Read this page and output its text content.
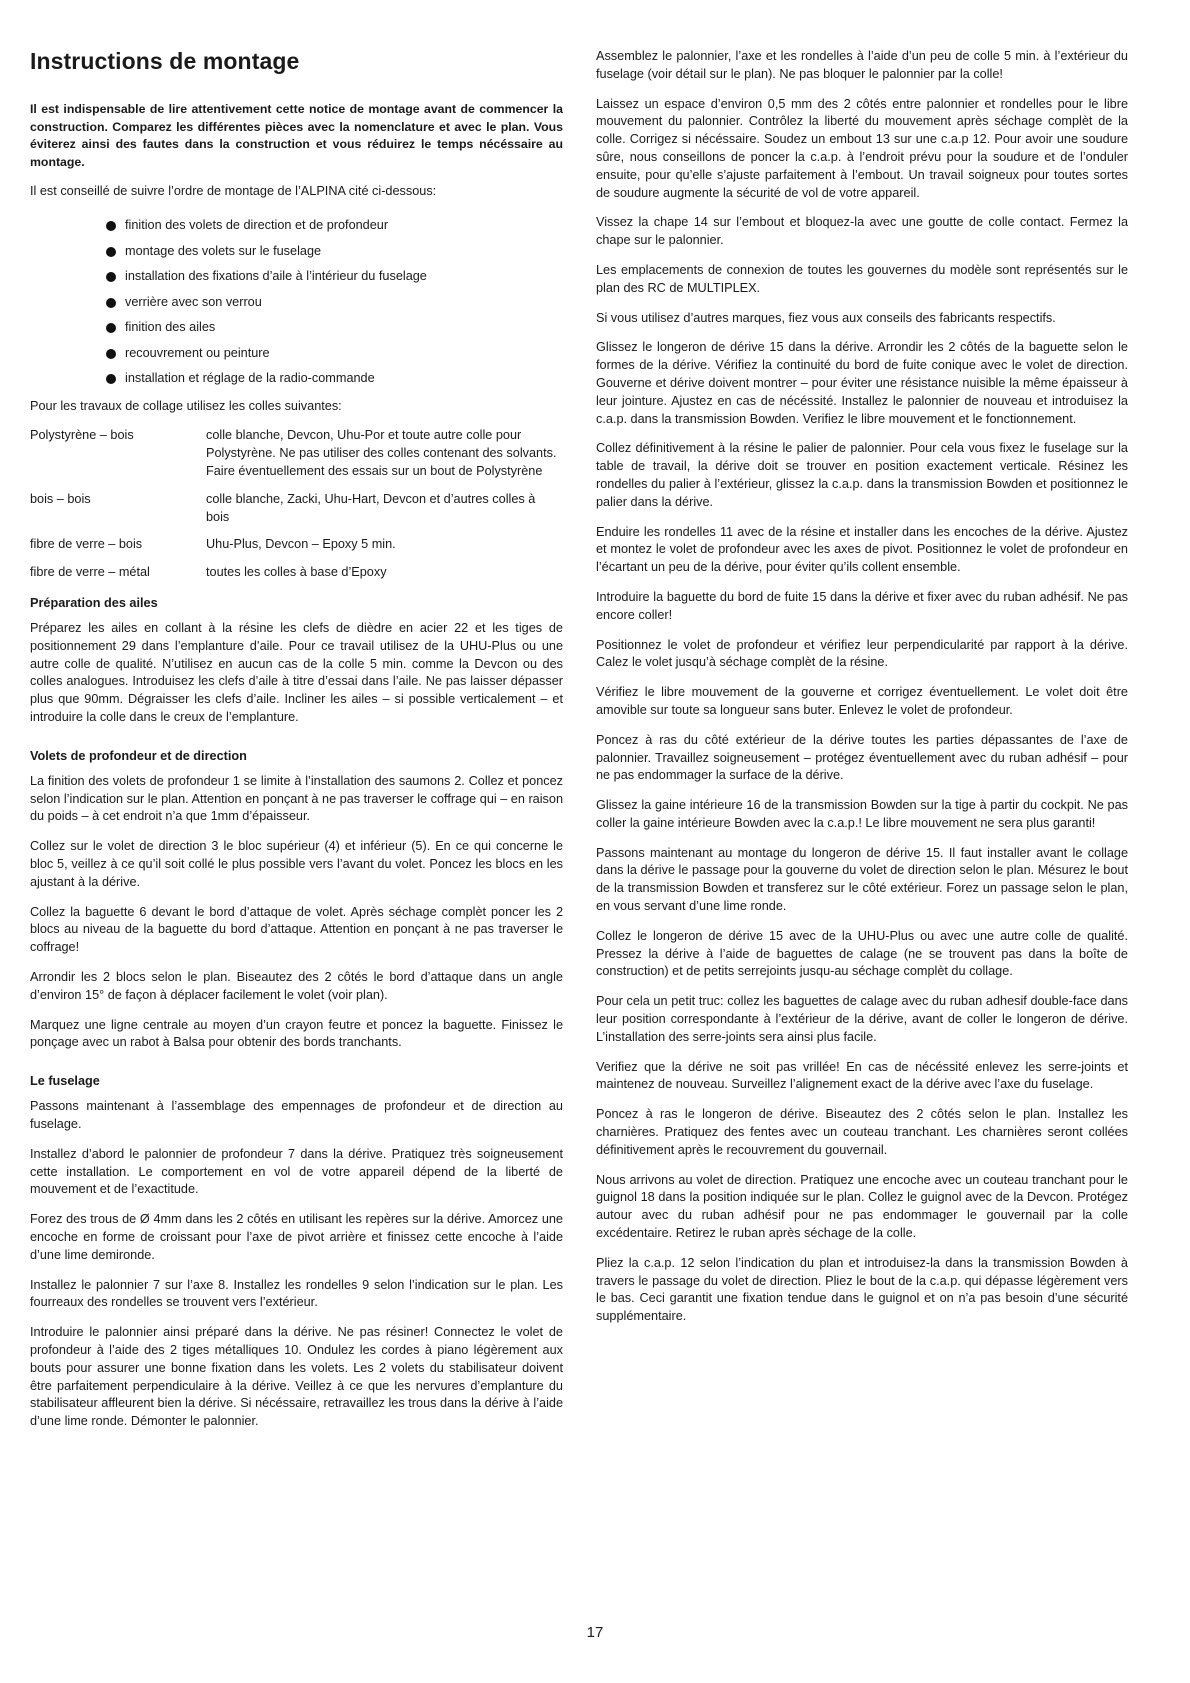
Instructions de montage

Il est indispensable de lire attentivement cette notice de montage avant de commencer la construction. Comparez les différentes pièces avec la nomenclature et avec le plan. Vous éviterez ainsi des fautes dans la construction et vous réduirez le temps nécéssaire au montage.

Il est conseillé de suivre l’ordre de montage de l’ALPINA cité ci-dessous:

finition des volets de direction et de profondeur
montage des volets sur le fuselage
installation des fixations d’aile à l’intérieur du fuselage
verrière avec son verrou
finition des ailes
recouvrement ou peinture
installation et réglage de la radio-commande

Pour les travaux de collage utilisez les colles suivantes:

Polystyrène – bois	colle blanche, Devcon, Uhu-Por et toute autre colle pour Polystyrène. Ne pas utiliser des colles contenant des solvants. Faire éventuellement des essais sur un bout de Polystyrène
bois – bois	colle blanche, Zacki, Uhu-Hart, Devcon et d’autres colles à bois
fibre de verre – bois	Uhu-Plus, Devcon – Epoxy 5 min.
fibre de verre – métal	toutes les colles à base d’Epoxy
Préparation des ailes

Préparez les ailes en collant à la résine les clefs de dièdre en acier 22 et les tiges de positionnement 29 dans l’emplanture d’aile. Pour ce travail utilisez de la UHU-Plus ou une autre colle de qualité. N’utilisez en aucun cas de la colle 5 min. comme la Devcon ou des colles analogues. Introduisez les clefs d’aile à titre d’essai dans l’aile. Ne pas laisser dépasser plus que 90mm. Dégraisser les clefs d’aile. Incliner les ailes – si possible verticalement – et introduire la colle dans le creux de l’emplanture.

Volets de profondeur et de direction

La finition des volets de profondeur 1 se limite à l’installation des saumons 2. Collez et poncez selon l’indication sur le plan. Attention en ponçant à ne pas traverser le coffrage qui – en raison du poids – à cet endroit n’a que 1mm d’épaisseur.

Collez sur le volet de direction 3 le bloc supérieur (4) et inférieur (5). En ce qui concerne le bloc 5, veillez à ce qu’il soit collé le plus possible vers l’avant du volet. Poncez les blocs en les ajustant à la dérive.

Collez la baguette 6 devant le bord d’attaque de volet. Après séchage complèt poncer les 2 blocs au niveau de la baguette du bord d’attaque. Attention en ponçant à ne pas traverser le coffrage!

Arrondir les 2 blocs selon le plan. Biseautez des 2 côtés le bord d’attaque dans un angle d’environ 15° de façon à déplacer facilement le volet (voir plan).

Marquez une ligne centrale au moyen d’un crayon feutre et poncez la baguette. Finissez le ponçage avec un rabot à Balsa pour obtenir des bords tranchants.

Le fuselage

Passons maintenant à l’assemblage des empennages de profondeur et de direction au fuselage.

Installez d’abord le palonnier de profondeur 7 dans la dérive. Pratiquez très soigneusement cette installation. Le comportement en vol de votre appareil dépend de la liberté de mouvement et de l’exactitude.

Forez des trous de Ø 4mm dans les 2 côtés en utilisant les repères sur la dérive. Amorcez une encoche en forme de croissant pour l’axe de pivot arrière et finissez cette encoche à l’aide d’une lime demironde.

Installez le palonnier 7 sur l’axe 8. Installez les rondelles 9 selon l’indication sur le plan. Les fourreaux des rondelles se trouvent vers l’extérieur.

Introduire le palonnier ainsi préparé dans la dérive. Ne pas résiner! Connectez le volet de profondeur à l’aide des 2 tiges métalliques 10. Ondulez les cordes à piano légèrement aux bouts pour assurer une bonne fixation dans les volets. Les 2 volets du stabilisateur doivent être parfaitement perpendiculaire à la dérive. Veillez à ce que les nervures d’emplanture du stabilisateur affleurent bien la dérive. Si nécéssaire, retravaillez les trous dans la dérive à l’aide d’une lime ronde. Démonter le palonnier.

Assemblez le palonnier, l’axe et les rondelles à l’aide d’un peu de colle 5 min. à l’extérieur du fuselage (voir détail sur le plan). Ne pas bloquer le palonnier par la colle!

Laissez un espace d’environ 0,5 mm des 2 côtés entre palonnier et rondelles pour le libre mouvement du palonnier. Contrôlez la liberté du mouvement après séchage complèt de la colle. Corrigez si nécéssaire. Soudez un embout 13 sur une c.a.p 12. Pour avoir une soudure sûre, nous conseillons de poncer la c.a.p. à l’endroit prévu pour la soudure et de l’onduler ensuite, pour qu’elle s’ajuste parfaitement à l’embout. Un travail soigneux pour toutes sortes de soudure augmente la sécurité de vol de votre appareil.

Vissez la chape 14 sur l’embout et bloquez-la avec une goutte de colle contact. Fermez la chape sur le palonnier.

Les emplacements de connexion de toutes les gouvernes du modèle sont représentés sur le plan des RC de MULTIPLEX.

Si vous utilisez d’autres marques, fiez vous aux conseils des fabricants respectifs.

Glissez le longeron de dérive 15 dans la dérive. Arrondir les 2 côtés de la baguette selon le formes de la dérive. Vérifiez la continuité du bord de fuite conique avec le volet de direction. Gouverne et dérive doivent montrer – pour éviter une résistance nuisible la même épaisseur à leur jointure. Ajustez en cas de nécéssité. Installez le palonnier de nouveau et introduisez la c.a.p. dans la transmission Bowden. Verifiez le libre mouvement et le fonctionnement.

Collez définitivement à la résine le palier de palonnier. Pour cela vous fixez le fuselage sur la table de travail, la dérive doit se trouver en position exactement verticale. Résinez les rondelles du palier à l’extérieur, glissez la c.a.p. dans la transmission Bowden et positionnez le palier dans la dérive.

Enduire les rondelles 11 avec de la résine et installer dans les encoches de la dérive. Ajustez et montez le volet de profondeur avec les axes de pivot. Positionnez le volet de profondeur en l’écartant un peu de la dérive, pour éviter qu’ils collent ensemble.

Introduire la baguette du bord de fuite 15 dans la dérive et fixer avec du ruban adhésif. Ne pas encore coller!

Positionnez le volet de profondeur et vérifiez leur perpendicularité par rapport à la dérive. Calez le volet jusqu’à séchage complèt de la résine.

Vérifiez le libre mouvement de la gouverne et corrigez éventuellement. Le volet doit être amovible sur toute sa longueur sans buter. Enlevez le volet de profondeur.

Poncez à ras du côté extérieur de la dérive toutes les parties dépassantes de l’axe de palonnier. Travaillez soigneusement – protégez éventuellement avec du ruban adhésif – pour ne pas endommager la surface de la dérive.

Glissez la gaine intérieure 16 de la transmission Bowden sur la tige à partir du cockpit. Ne pas coller la gaine intérieure Bowden avec la c.a.p.! Le libre mouvement ne sera plus garanti!

Passons maintenant au montage du longeron de dérive 15. Il faut installer avant le collage dans la dérive le passage pour la gouverne du volet de direction selon le plan. Mésurez le bout de la transmission Bowden et transferez sur le côté extérieur. Forez un passage selon le plan, en vous servant d’une lime ronde.

Collez le longeron de dérive 15 avec de la UHU-Plus ou avec une autre colle de qualité. Pressez la dérive à l’aide de baguettes de calage (ne se trouvent pas dans la boîte de construction) et de petits serrejoints jusqu-au séchage complèt du collage.

Pour cela un petit truc: collez les baguettes de calage avec du ruban adhesif double-face dans leur position correspondante à l’extérieur de la dérive, avant de coller le longeron de dérive. L’installation des serre-joints sera ainsi plus facile.

Verifiez que la dérive ne soit pas vrillée! En cas de nécéssité enlevez les serre-joints et maintenez de nouveau. Surveillez l’alignement exact de la dérive avec l’axe du fuselage.

Poncez à ras le longeron de dérive. Biseautez des 2 côtés selon le plan. Installez les charnières. Pratiquez des fentes avec un couteau tranchant. Les charnières seront collées définitivement après le recouvrement du gouvernail.

Nous arrivons au volet de direction. Pratiquez une encoche avec un couteau tranchant pour le guignol 18 dans la position indiquée sur le plan. Collez le guignol avec de la Devcon. Protégez autour avec du ruban adhésif pour ne pas endommager le gouvernail par la colle excédentaire. Retirez le ruban après séchage de la colle.

Pliez la c.a.p. 12 selon l’indication du plan et introduisez-la dans la transmission Bowden à travers le passage du volet de direction. Pliez le bout de la c.a.p. qui dépasse légèrement vers le bas. Ceci garantit une fixation tendue dans le guignol et on n’a pas besoin d’une sécurité supplémentaire.

17
